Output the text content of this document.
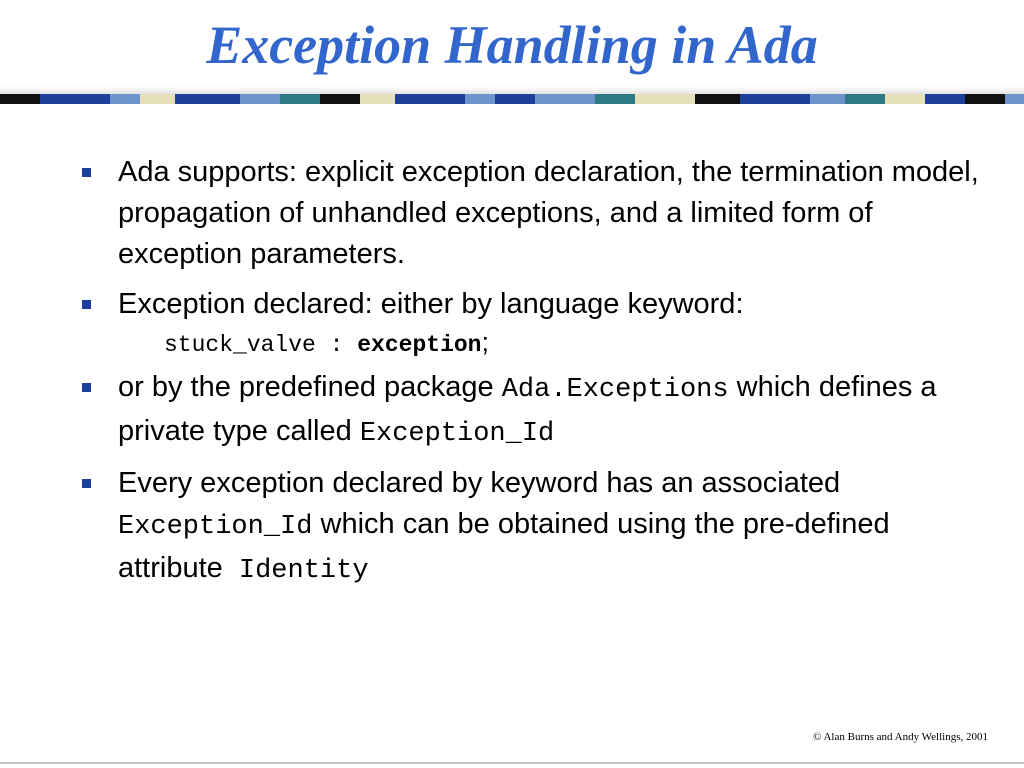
Exception Handling in Ada
Ada supports: explicit exception declaration, the termination model, propagation of unhandled exceptions, and a limited form of exception parameters.
Exception declared: either by language keyword:
stuck_valve : exception;
or by the predefined package Ada.Exceptions which defines a  private type called Exception_Id
Every exception declared by keyword has an associated Exception_Id which can be obtained using the pre-defined attribute  Identity
© Alan Burns and Andy Wellings, 2001
